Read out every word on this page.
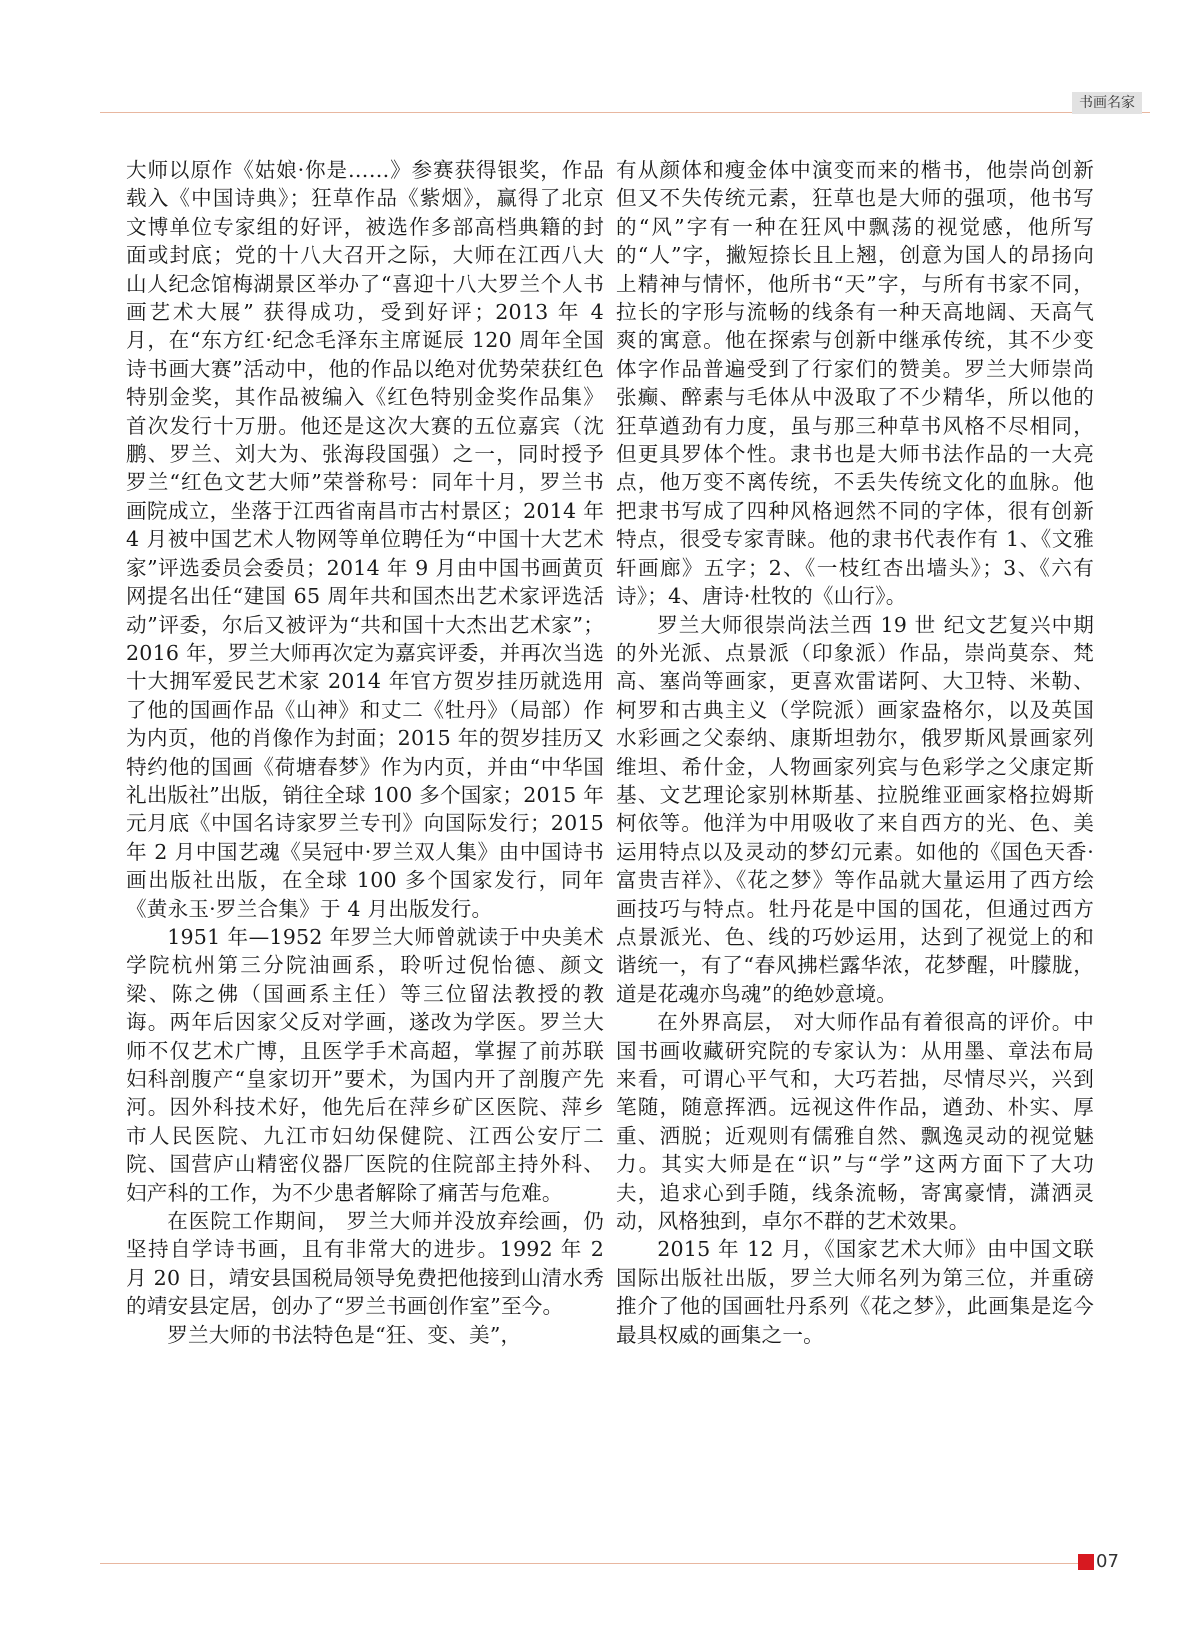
书画名家

大师以原作《姑娘·你是……》参赛获得银奖，作品载入《中国诗典》；狂草作品《紫烟》，赢得了北京文博单位专家组的好评，被选作多部高档典籍的封面或封底；党的十八大召开之际，大师在江西八大山人纪念馆梅湖景区举办了“喜迎十八大罗兰个人书画艺术大展” 获得成功，受到好评；2013 年 4 月，在“东方红·纪念毛泽东主席诞辰 120 周年全国诗书画大赛”活动中，他的作品以绝对优势荣获红色特别金奖，其作品被编入《红色特别金奖作品集》首次发行十万册。他还是这次大赛的五位嘉宾（沈鹏、罗兰、刘大为、张海段国强）之一，同时授予罗兰“红色文艺大师”荣誉称号：同年十月，罗兰书画院成立，坐落于江西省南昌市古村景区；2014 年 4 月被中国艺术人物网等单位聘任为“中国十大艺术家”评选委员会委员；2014 年 9 月由中国书画黄页网提名出任“建国 65 周年共和国杰出艺术家评选活动”评委，尔后又被评为“共和国十大杰出艺术家”；2016 年，罗兰大师再次定为嘉宾评委，并再次当选十大拥军爱民艺术家 2014 年官方贺岁挂历就选用了他的国画作品《山神》和丈二《牡丹》（局部）作为内页，他的肖像作为封面；2015 年的贺岁挂历又特约他的国画《荷塘春梦》作为内页，并由“中华国礼出版社”出版，销往全球 100 多个国家；2015 年元月底《中国名诗家罗兰专刊》向国际发行；2015 年 2 月中国艺魂《吴冠中·罗兰双人集》由中国诗书画出版社出版，在全球 100 多个国家发行，同年《黄永玉·罗兰合集》于 4 月出版发行。

1951 年—1952 年罗兰大师曾就读于中央美术学院杭州第三分院油画系，聆听过倪怡德、颜文梁、陈之佛（国画系主任）等三位留法教授的教诲。两年后因家父反对学画，遂改为学医。罗兰大师不仅艺术广博，且医学手术高超，掌握了前苏联妇科剖腹产“皇家切开”要术，为国内开了剖腹产先河。因外科技术好，他先后在萍乡矿区医院、萍乡市人民医院、九江市妇幼保健院、江西公安厅二院、国营庐山精密仪器厂医院的住院部主持外科、妇产科的工作，为不少患者解除了痛苦与危难。

在医院工作期间， 罗兰大师并没放弃绘画，仍坚持自学诗书画，且有非常大的进步。1992 年 2 月 20 日，靖安县国税局领导免费把他接到山清水秀的靖安县定居，创办了“罗兰书画创作室”至今。

罗兰大师的书法特色是“狂、变、美”，

有从颜体和瘦金体中演变而来的楷书，他崇尚创新但又不失传统元素，狂草也是大师的强项，他书写的“风”字有一种在狂风中飘荡的视觉感，他所写的“人”字，撇短捺长且上翘，创意为国人的昂扬向上精神与情怀，他所书“天”字，与所有书家不同，拉长的字形与流畅的线条有一种天高地阔、天高气爽的寓意。他在探索与创新中继承传统，其不少变体字作品普遍受到了行家们的赞美。罗兰大师崇尚张癫、醉素与毛体从中汲取了不少精华，所以他的狂草遒劲有力度，虽与那三种草书风格不尽相同，但更具罗体个性。隶书也是大师书法作品的一大亮点，他万变不离传统，不丢失传统文化的血脉。他把隶书写成了四种风格迥然不同的字体，很有创新特点，很受专家青睐。他的隶书代表作有 1、《文雅轩画廊》五字；2、《一枝红杏出墙头》；3、《六有诗》；4、唐诗·杜牧的《山行》。

罗兰大师很崇尚法兰西 19 世 纪文艺复兴中期的外光派、点景派（印象派）作品，崇尚莫奈、梵高、塞尚等画家，更喜欢雷诺阿、大卫特、米勒、柯罗和古典主义（学院派）画家盎格尔，以及英国水彩画之父泰纳、康斯坦勃尔，俄罗斯风景画家列维坦、希什金，人物画家列宾与色彩学之父康定斯基、文艺理论家别林斯基、拉脱维亚画家格拉姆斯柯依等。他洋为中用吸收了来自西方的光、色、美运用特点以及灵动的梦幻元素。如他的《国色天香·富贵吉祥》、《花之梦》等作品就大量运用了西方绘画技巧与特点。牡丹花是中国的国花，但通过西方点景派光、色、线的巧妙运用，达到了视觉上的和谐统一，有了“春风拂栏露华浓，花梦醒，叶朦胧，道是花魂亦鸟魂”的绝妙意境。

在外界高层， 对大师作品有着很高的评价。中国书画收藏研究院的专家认为：从用墨、章法布局来看，可谓心平气和，大巧若拙，尽情尽兴，兴到笔随，随意挥洒。远视这件作品，遒劲、朴实、厚重、洒脱；近观则有儒雅自然、飘逸灵动的视觉魅力。其实大师是在“识”与“学”这两方面下了大功夫，追求心到手随，线条流畅，寄寓豪情，潇洒灵动，风格独到，卓尔不群的艺术效果。

2015 年 12 月，《国家艺术大师》由中国文联国际出版社出版，罗兰大师名列为第三位，并重磅推介了他的国画牡丹系列《花之梦》，此画集是迄今最具权威的画集之一。

07
